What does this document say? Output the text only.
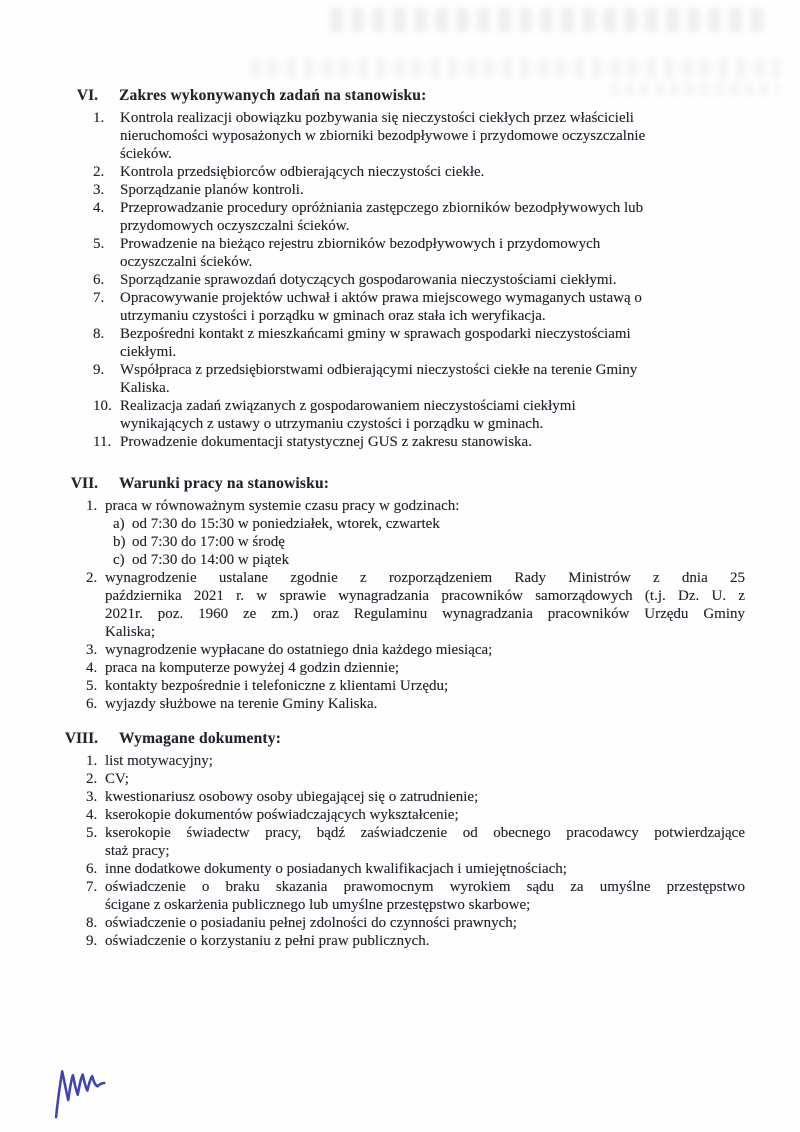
VI. Zakres wykonywanych zadań na stanowisku:
1.	Kontrola realizacji obowiązku pozbywania się nieczystości ciekłych przez właścicieli
nieruchomości wyposażonych w zbiorniki bezodpływowe i przydomowe oczyszczalnie
ścieków.
2.	Kontrola przedsiębiorców odbierających nieczystości ciekłe.
3.	Sporządzanie planów kontroli.
4.	Przeprowadzanie procedury opróżniania zastępczego zbiorników bezodpływowych lub
przydomowych oczyszczalni ścieków.
5.	Prowadzenie na bieżąco rejestru zbiorników bezodpływowych i przydomowych
oczyszczalni ścieków.
6.	Sporządzanie sprawozdań dotyczących gospodarowania nieczystościami ciekłymi.
7.	Opracowywanie projektów uchwał i aktów prawa miejscowego wymaganych ustawą o
utrzymaniu czystości i porządku w gminach oraz stała ich weryfikacja.
8.	Bezpośredni kontakt z mieszkańcami gminy w sprawach gospodarki nieczystościami
ciekłymi.
9.	Współpraca z przedsiębiorstwami odbierającymi nieczystości ciekłe na terenie Gminy
Kaliska.
10. Realizacja zadań związanych z gospodarowaniem nieczystościami ciekłymi
wynikających z ustawy o utrzymaniu czystości i porządku w gminach.
11. Prowadzenie dokumentacji statystycznej GUS z zakresu stanowiska.
VII. Warunki pracy na stanowisku:
1. praca w równoważnym systemie czasu pracy w godzinach:
a) od 7:30 do 15:30 w poniedziałek, wtorek, czwartek
b) od 7:30 do 17:00 w środę
c) od 7:30 do 14:00 w piątek
2. wynagrodzenie ustalane zgodnie z rozporządzeniem Rady Ministrów z dnia 25
października 2021 r. w sprawie wynagradzania pracowników samorządowych (t.j. Dz. U. z
2021r. poz. 1960 ze zm.) oraz Regulaminu wynagradzania pracowników Urzędu Gminy
Kaliska;
3. wynagrodzenie wypłacane do ostatniego dnia każdego miesiąca;
4. praca na komputerze powyżej 4 godzin dziennie;
5. kontakty bezpośrednie i telefoniczne z klientami Urzędu;
6. wyjazdy służbowe na terenie Gminy Kaliska.
VIII. Wymagane dokumenty:
1. list motywacyjny;
2. CV;
3. kwestionariusz osobowy osoby ubiegającej się o zatrudnienie;
4. kserokopie dokumentów poświadczających wykształcenie;
5. kserokopie świadectw pracy, bądź zaświadczenie od obecnego pracodawcy potwierdzające
staż pracy;
6. inne dodatkowe dokumenty o posiadanych kwalifikacjach i umiejętnościach;
7. oświadczenie o braku skazania prawomocnym wyrokiem sądu za umyślne przestępstwo
ścigane z oskarżenia publicznego lub umyślne przestępstwo skarbowe;
8. oświadczenie o posiadaniu pełnej zdolności do czynności prawnych;
9. oświadczenie o korzystaniu z pełni praw publicznych.
